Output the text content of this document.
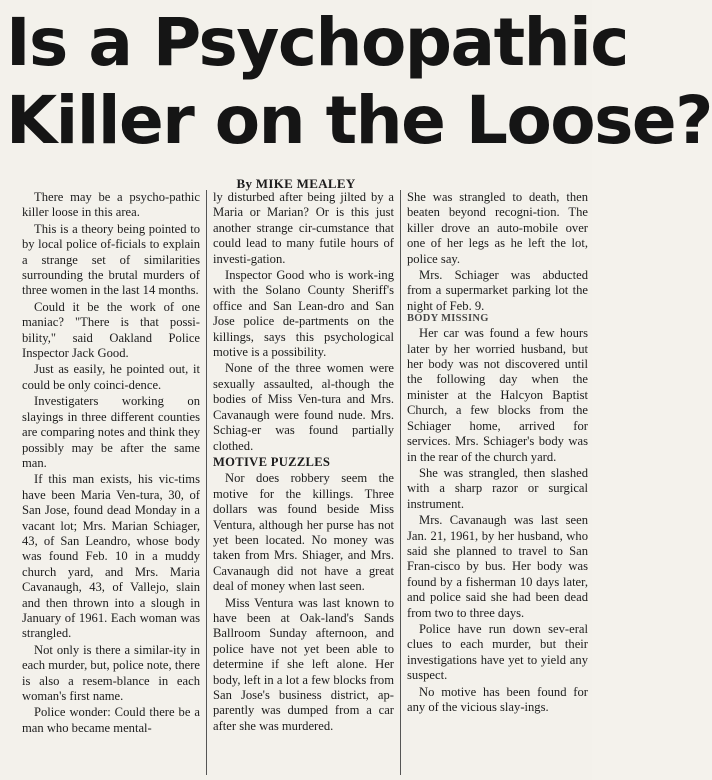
Is a Psychopathic
Killer on the Loose?
By MIKE MEALEY

There may be a psycho-pathic killer loose in this area.

This is a theory being pointed to by local police of-ficials to explain a strange set of similarities surrounding the brutal murders of three women in the last 14 months.

Could it be the work of one maniac? "There is that possi-bility," said Oakland Police Inspector Jack Good.

Just as easily, he pointed out, it could be only coinci-dence.

Investigaters working on slayings in three different counties are comparing notes and think they possibly may be after the same man.

If this man exists, his vic-tims have been Maria Ven-tura, 30, of San Jose, found dead Monday in a vacant lot; Mrs. Marian Schiager, 43, of San Leandro, whose body was found Feb. 10 in a muddy church yard, and Mrs. Maria Cavanaugh, 43, of Vallejo, slain and then thrown into a slough in January of 1961. Each woman was strangled.

Not only is there a similar-ity in each murder, but, police note, there is also a resem-blance in each woman's first name.

Police wonder: Could there be a man who became mental-

ly disturbed after being jilted by a Maria or Marian? Or is this just another strange cir-cumstance that could lead to many futile hours of investi-gation.

Inspector Good who is work-ing with the Solano County Sheriff's office and San Lean-dro and San Jose police de-partments on the killings, says this psychological motive is a possibility.

None of the three women were sexually assaulted, al-though the bodies of Miss Ven-tura and Mrs. Cavanaugh were found nude. Mrs. Schiag-er was found partially clothed.

MOTIVE PUZZLES

Nor does robbery seem the motive for the killings. Three dollars was found beside Miss Ventura, although her purse has not yet been located. No money was taken from Mrs. Shiager, and Mrs. Cavanaugh did not have a great deal of money when last seen.

Miss Ventura was last known to have been at Oak-land's Sands Ballroom Sunday afternoon, and police have not yet been able to determine if she left alone. Her body, left in a lot a few blocks from San Jose's business district, ap-parently was dumped from a car after she was murdered.

She was strangled to death, then beaten beyond recogni-tion. The killer drove an auto-mobile over one of her legs as he left the lot, police say.

Mrs. Schiager was abducted from a supermarket parking lot the night of Feb. 9.

BODY MISSING

Her car was found a few hours later by her worried husband, but her body was not discovered until the following day when the minister at the Halcyon Baptist Church, a few blocks from the Schiager home, arrived for services. Mrs. Schiager's body was in the rear of the church yard.

She was strangled, then slashed with a sharp razor or surgical instrument.

Mrs. Cavanaugh was last seen Jan. 21, 1961, by her husband, who said she planned to travel to San Fran-cisco by bus. Her body was found by a fisherman 10 days later, and police said she had been dead from two to three days.

Police have run down sev-eral clues to each murder, but their investigations have yet to yield any suspect.

No motive has been found for any of the vicious slay-ings.
